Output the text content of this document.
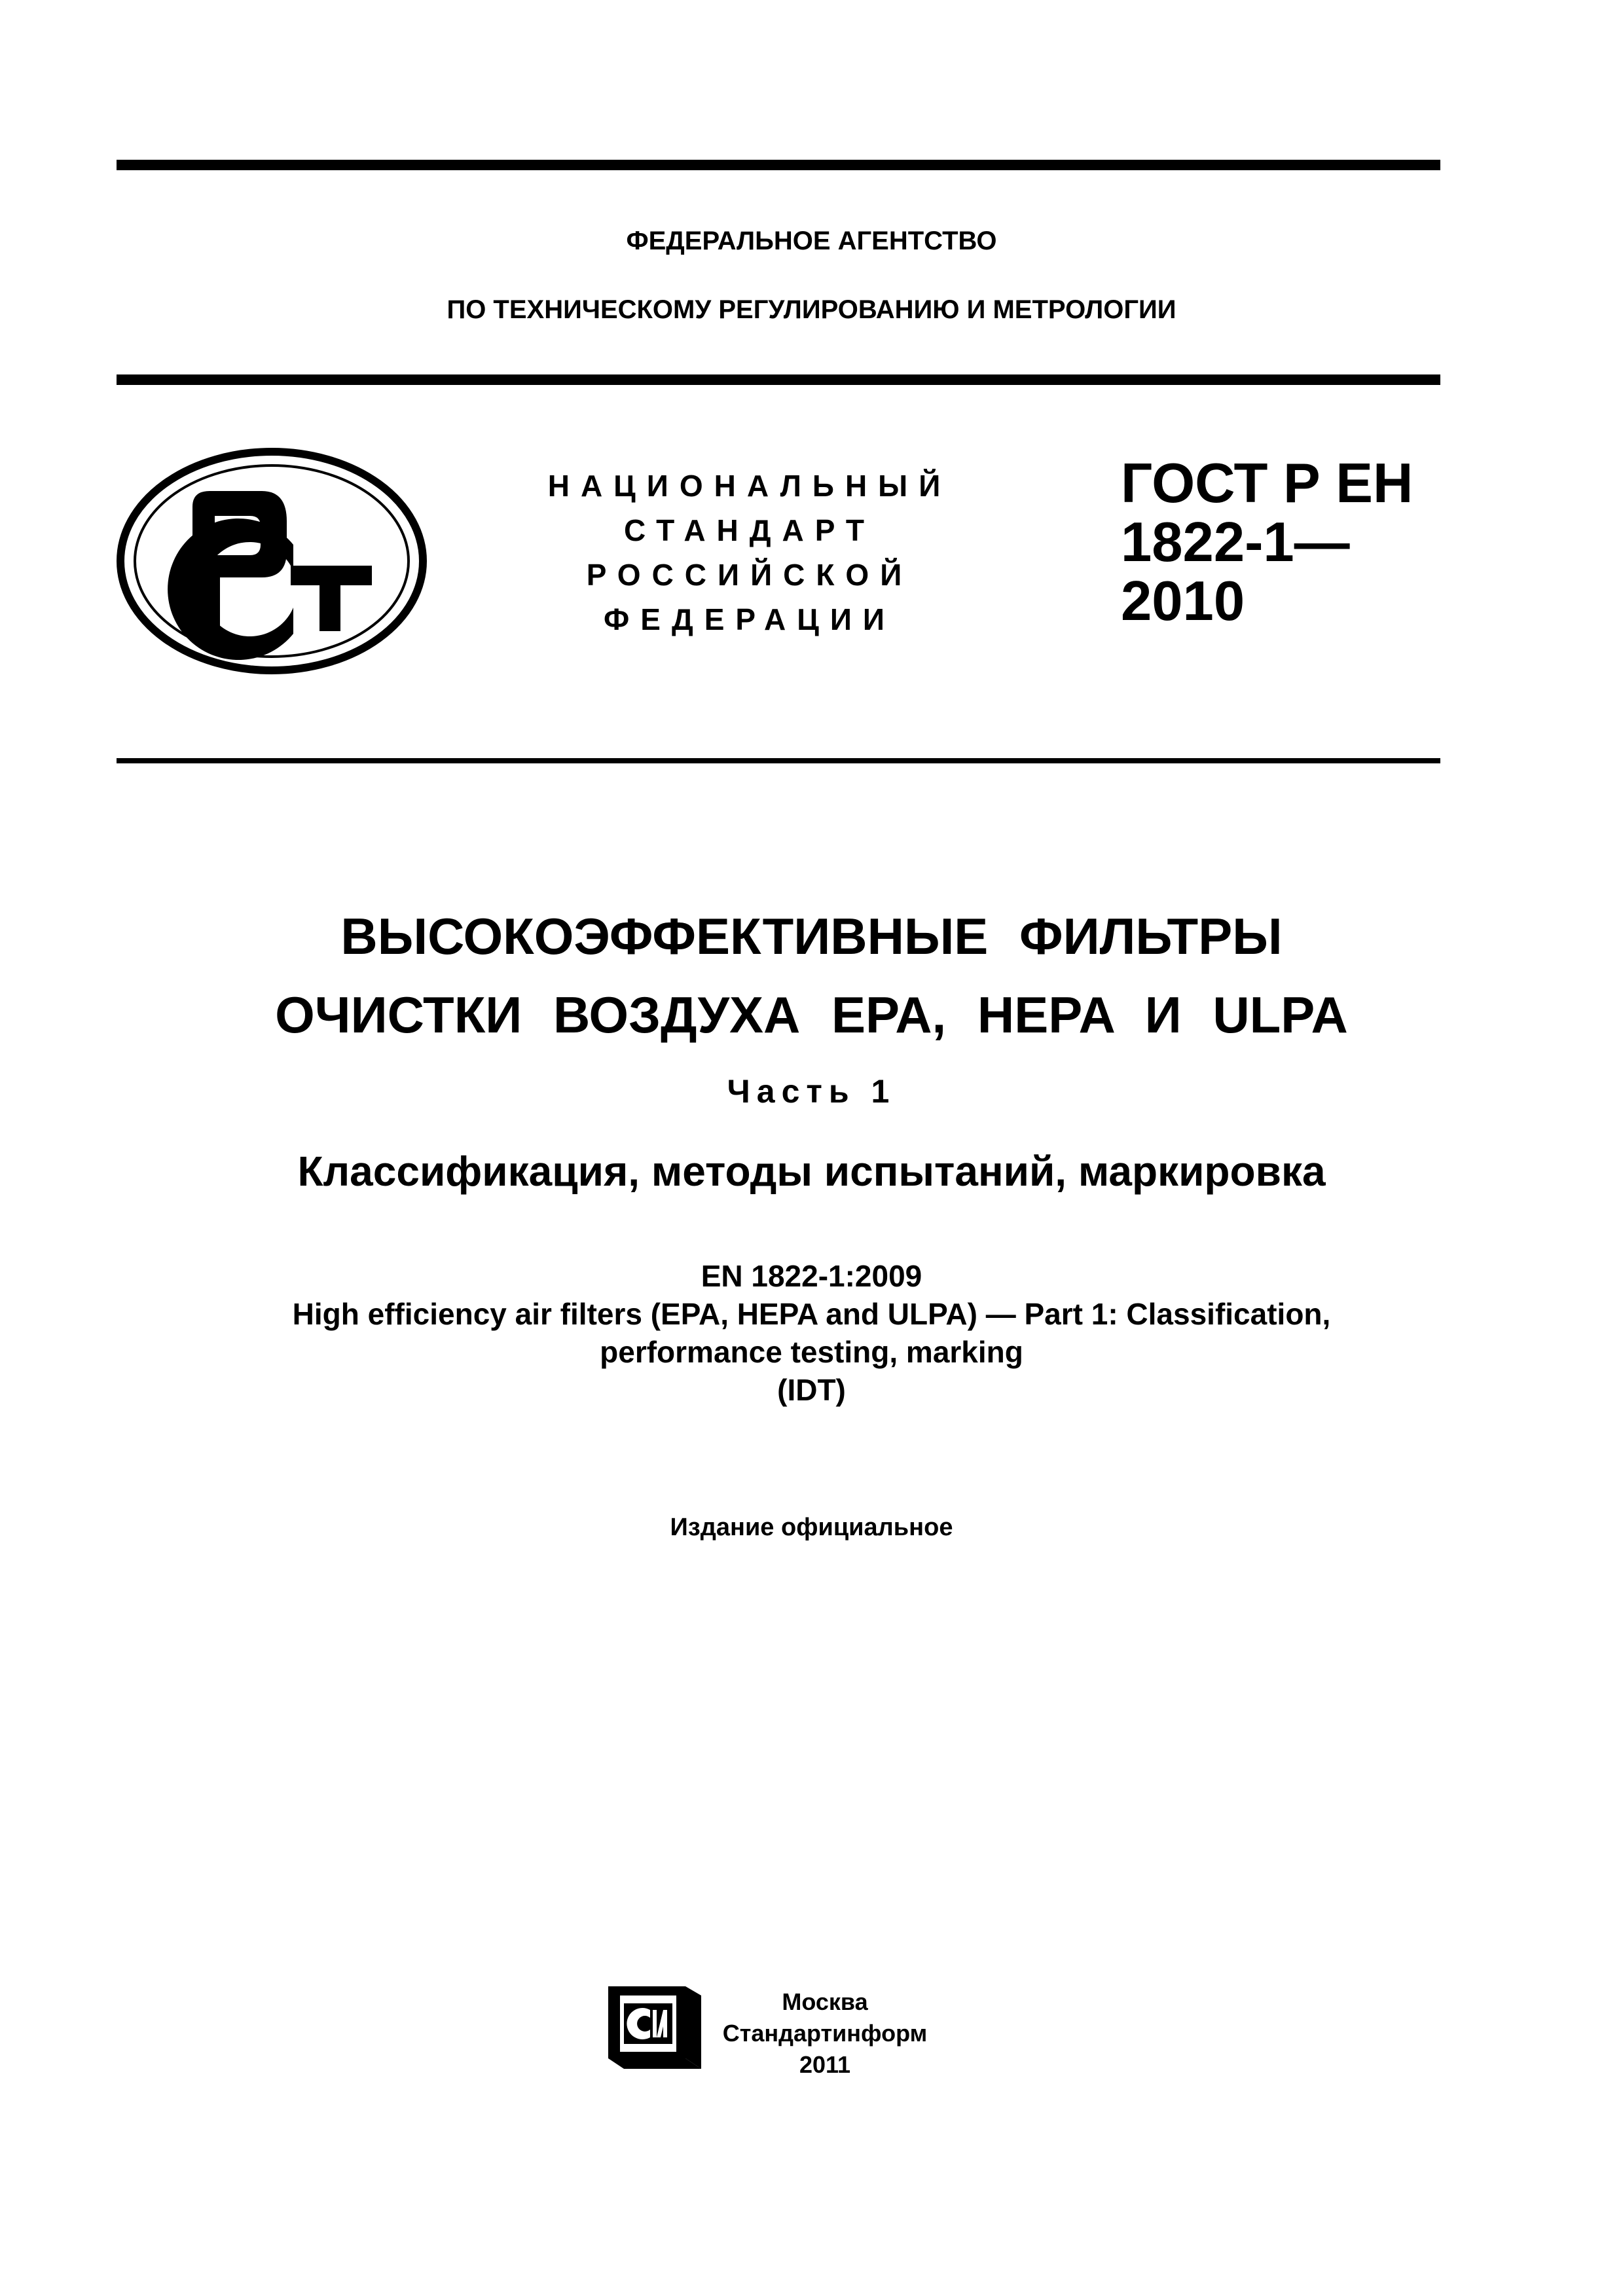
ФЕДЕРАЛЬНОЕ АГЕНТСТВО
ПО ТЕХНИЧЕСКОМУ РЕГУЛИРОВАНИЮ И МЕТРОЛОГИИ
НАЦИОНАЛЬНЫЙ
СТАНДАРТ
РОССИЙСКОЙ
ФЕДЕРАЦИИ
ГОСТ Р ЕН
1822-1—
2010
ВЫСОКОЭФФЕКТИВНЫЕ ФИЛЬТРЫ
ОЧИСТКИ ВОЗДУХА ЕРА, HEPA И ULPA
Часть 1
Классификация, методы испытаний, маркировка
EN 1822-1:2009
High efficiency air filters (EPA, HEPA and ULPA) — Part 1: Classification,
performance testing, marking
(IDT)
Издание официальное
Москва
Стандартинформ
2011
